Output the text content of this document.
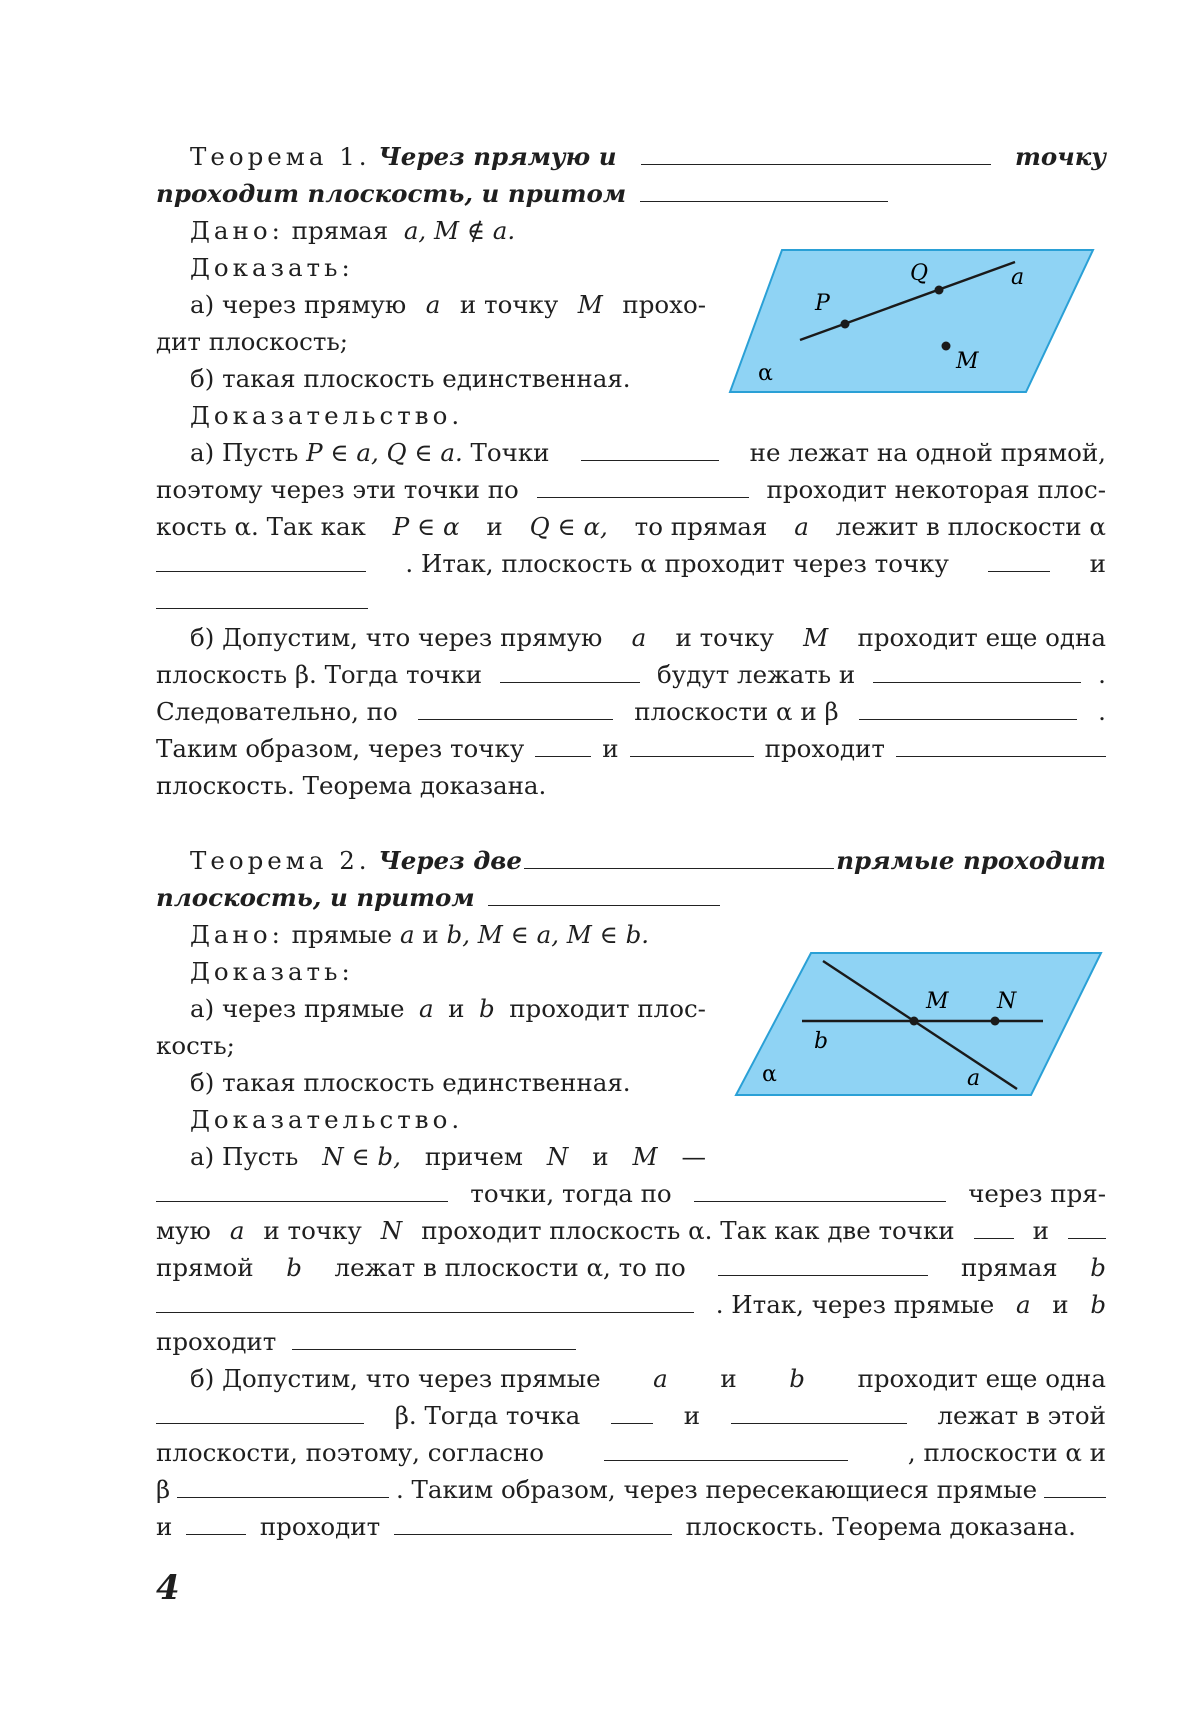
Теорема 1. Через прямую и	точку
проходит плоскость, и притом
Дано: прямая a, M ∉ a.
Доказать:
а) через прямую a и точку M прохо-
дит плоскость;
б) такая плоскость единственная.
Доказательство.
а) Пусть P ∈ a, Q ∈ a. Точки	не лежат на одной прямой,
поэтому через эти точки по	проходит некоторая плос-
кость α. Так как P ∈ α и Q ∈ α, то прямая a лежит в плоскости α
. Итак, плоскость α проходит через точку	и
б) Допустим, что через прямую a и точку M проходит еще одна
плоскость β. Тогда точки	будут лежать и	.
Следовательно, по	плоскости α и β	.
Таким образом, через точку	и	проходит
плоскость. Теорема доказана.
Теорема 2. Через две	прямые проходит
плоскость, и притом
Дано: прямые a и b, M ∈ a, M ∈ b.
Доказать:
а) через прямые a и b проходит плос-
кость;
б) такая плоскость единственная.
Доказательство.
а) Пусть N ∈ b, причем N и M —
точки, тогда по	через пря-
мую a и точку N проходит плоскость α. Так как две точки	и
прямой b лежат в плоскости α, то по	прямая b
. Итак, через прямые a и b
проходит
б) Допустим, что через прямые a и b проходит еще одна
β. Тогда точка	и	лежат в этой
плоскости, поэтому, согласно	, плоскости α и
β	. Таким образом, через пересекающиеся прямые
и	проходит	плоскость. Теорема доказана.
P
Q	a
M
α
M N
b
a
α
4
